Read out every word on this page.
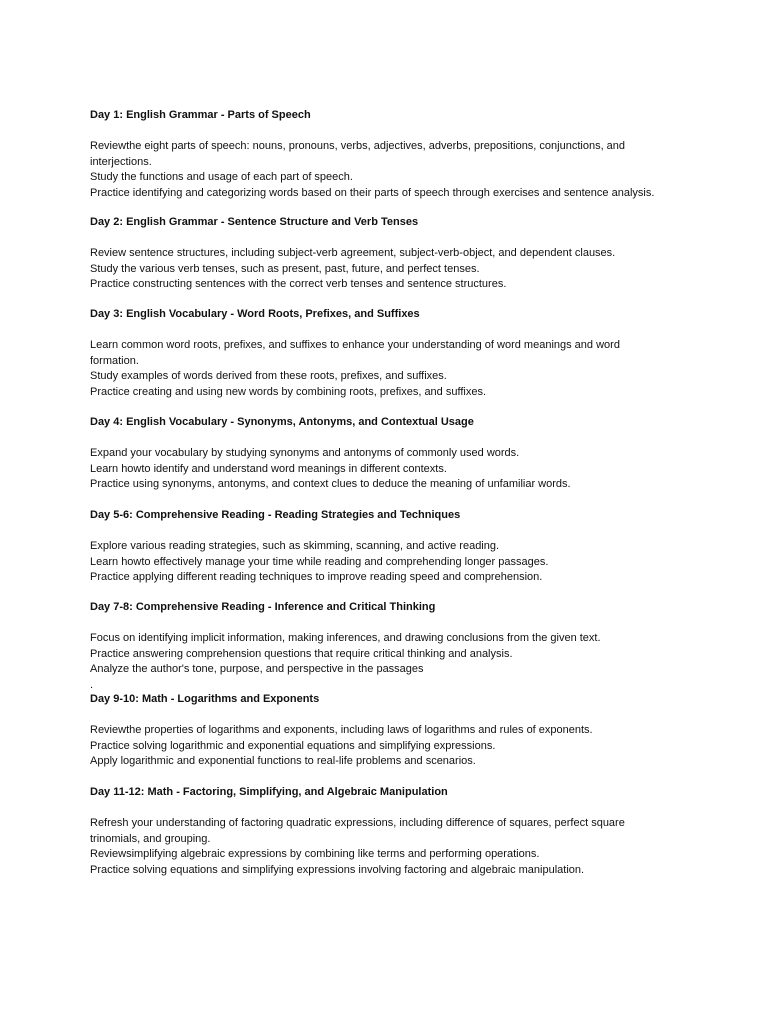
Day 1: English Grammar - Parts of Speech
Reviewthe eight parts of speech: nouns, pronouns, verbs, adjectives, adverbs, prepositions, conjunctions, and
interjections.
Study the functions and usage of each part of speech.
Practice identifying and categorizing words based on their parts of speech through exercises and sentence analysis.
Day 2: English Grammar - Sentence Structure and Verb Tenses
Review sentence structures, including subject-verb agreement, subject-verb-object, and dependent clauses.
Study the various verb tenses, such as present, past, future, and perfect tenses.
Practice constructing sentences with the correct verb tenses and sentence structures.
Day 3: English Vocabulary - Word Roots, Prefixes, and Suffixes
Learn common word roots, prefixes, and suffixes to enhance your understanding of word meanings and word
formation.
Study examples of words derived from these roots, prefixes, and suffixes.
Practice creating and using new words by combining roots, prefixes, and suffixes.
Day 4: English Vocabulary - Synonyms, Antonyms, and Contextual Usage
Expand your vocabulary by studying synonyms and antonyms of commonly used words.
Learn howto identify and understand word meanings in different contexts.
Practice using synonyms, antonyms, and context clues to deduce the meaning of unfamiliar words.
Day 5-6: Comprehensive Reading - Reading Strategies and Techniques
Explore various reading strategies, such as skimming, scanning, and active reading.
Learn howto effectively manage your time while reading and comprehending longer passages.
Practice applying different reading techniques to improve reading speed and comprehension.
Day 7-8: Comprehensive Reading - Inference and Critical Thinking
Focus on identifying implicit information, making inferences, and drawing conclusions from the given text.
Practice answering comprehension questions that require critical thinking and analysis.
Analyze the author's tone, purpose, and perspective in the passages
.
Day 9-10: Math - Logarithms and Exponents
Reviewthe properties of logarithms and exponents, including laws of logarithms and rules of exponents.
Practice solving logarithmic and exponential equations and simplifying expressions.
Apply logarithmic and exponential functions to real-life problems and scenarios.
Day 11-12: Math - Factoring, Simplifying, and Algebraic Manipulation
Refresh your understanding of factoring quadratic expressions, including difference of squares, perfect square
trinomials, and grouping.
Reviewsimplifying algebraic expressions by combining like terms and performing operations.
Practice solving equations and simplifying expressions involving factoring and algebraic manipulation.
